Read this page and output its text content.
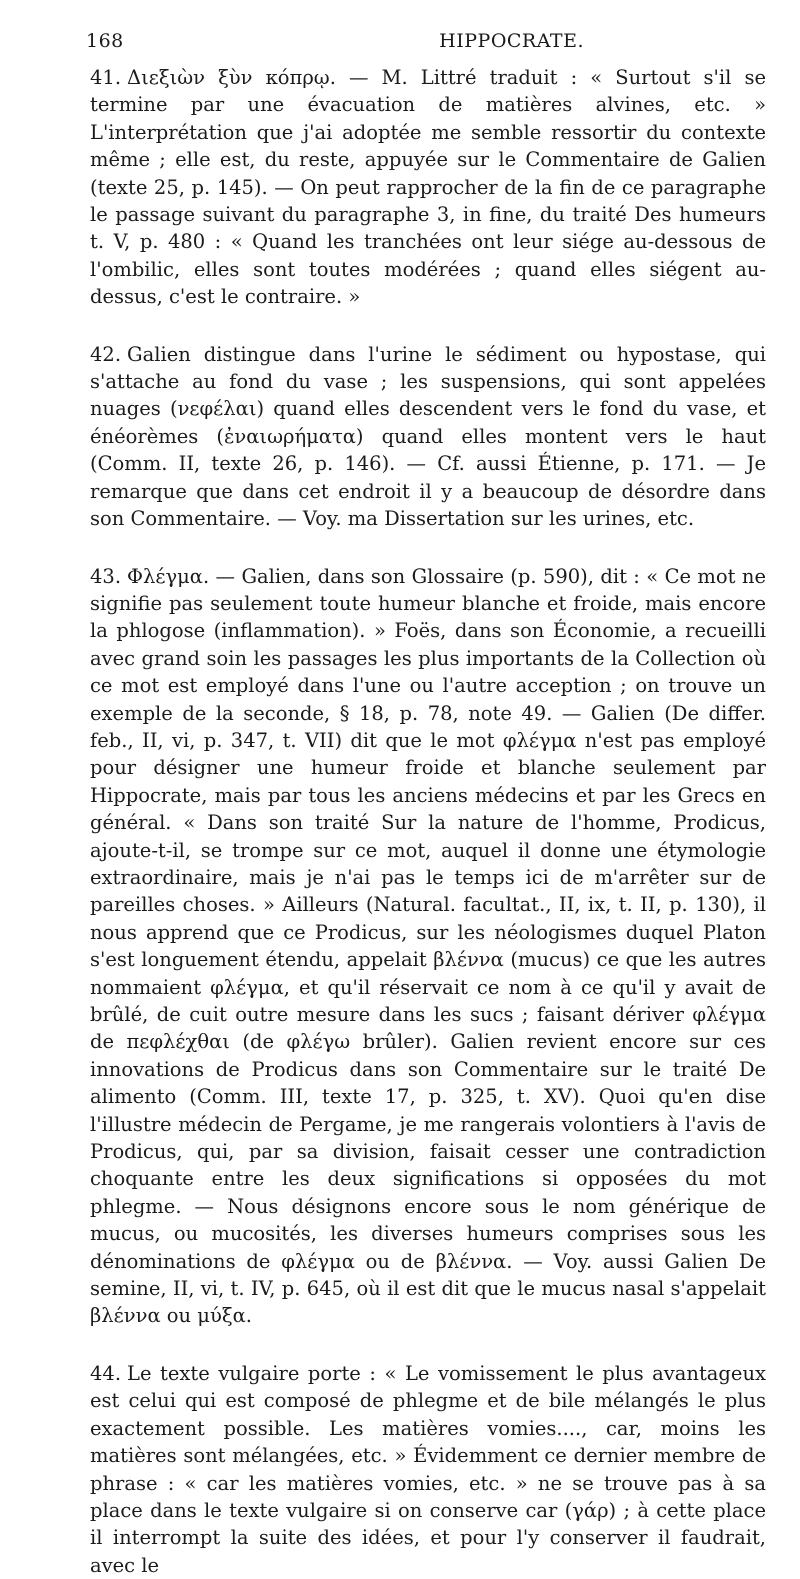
168	HIPPOCRATE.

41. Διεξιὼν ξὺν κόπρῳ. — M. Littré traduit : « Surtout s'il se termine par une évacuation de matières alvines, etc. » L'interprétation que j'ai adoptée me semble ressortir du contexte même ; elle est, du reste, appuyée sur le Commentaire de Galien (texte 25, p. 145). — On peut rapprocher de la fin de ce paragraphe le passage suivant du paragraphe 3, in fine, du traité Des humeurs t. V, p. 480 : « Quand les tranchées ont leur siége au-dessous de l'ombilic, elles sont toutes modérées ; quand elles siégent au-dessus, c'est le contraire. »

42. Galien distingue dans l'urine le sédiment ou hypostase, qui s'attache au fond du vase ; les suspensions, qui sont appelées nuages (νεφέλαι) quand elles descendent vers le fond du vase, et énéorèmes (ἐναιωρήματα) quand elles montent vers le haut (Comm. II, texte 26, p. 146). — Cf. aussi Étienne, p. 171. — Je remarque que dans cet endroit il y a beaucoup de désordre dans son Commentaire. — Voy. ma Dissertation sur les urines, etc.

43. Φλέγμα. — Galien, dans son Glossaire (p. 590), dit : « Ce mot ne signifie pas seulement toute humeur blanche et froide, mais encore la phlogose (inflammation). » Foës, dans son Économie, a recueilli avec grand soin les passages les plus importants de la Collection où ce mot est employé dans l'une ou l'autre acception ; on trouve un exemple de la seconde, § 18, p. 78, note 49. — Galien (De differ. feb., II, vi, p. 347, t. VII) dit que le mot φλέγμα n'est pas employé pour désigner une humeur froide et blanche seulement par Hippocrate, mais par tous les anciens médecins et par les Grecs en général. « Dans son traité Sur la nature de l'homme, Prodicus, ajoute-t-il, se trompe sur ce mot, auquel il donne une étymologie extraordinaire, mais je n'ai pas le temps ici de m'arrêter sur de pareilles choses. » Ailleurs (Natural. facultat., II, ix, t. II, p. 130), il nous apprend que ce Prodicus, sur les néologismes duquel Platon s'est longuement étendu, appelait βλέννα (mucus) ce que les autres nommaient φλέγμα, et qu'il réservait ce nom à ce qu'il y avait de brûlé, de cuit outre mesure dans les sucs ; faisant dériver φλέγμα de πεφλέχθαι (de φλέγω brûler). Galien revient encore sur ces innovations de Prodicus dans son Commentaire sur le traité De alimento (Comm. III, texte 17, p. 325, t. XV). Quoi qu'en dise l'illustre médecin de Pergame, je me rangerais volontiers à l'avis de Prodicus, qui, par sa division, faisait cesser une contradiction choquante entre les deux significations si opposées du mot phlegme. — Nous désignons encore sous le nom générique de mucus, ou mucosités, les diverses humeurs comprises sous les dénominations de φλέγμα ou de βλέννα. — Voy. aussi Galien De semine, II, vi, t. IV, p. 645, où il est dit que le mucus nasal s'appelait βλέννα ou μύξα.

44. Le texte vulgaire porte : « Le vomissement le plus avantageux est celui qui est composé de phlegme et de bile mélangés le plus exactement possible. Les matières vomies...., car, moins les matières sont mélangées, etc. » Évidemment ce dernier membre de phrase : « car les matières vomies, etc. » ne se trouve pas à sa place dans le texte vulgaire si on conserve car (γάρ) ; à cette place il interrompt la suite des idées, et pour l'y conserver il faudrait, avec le
